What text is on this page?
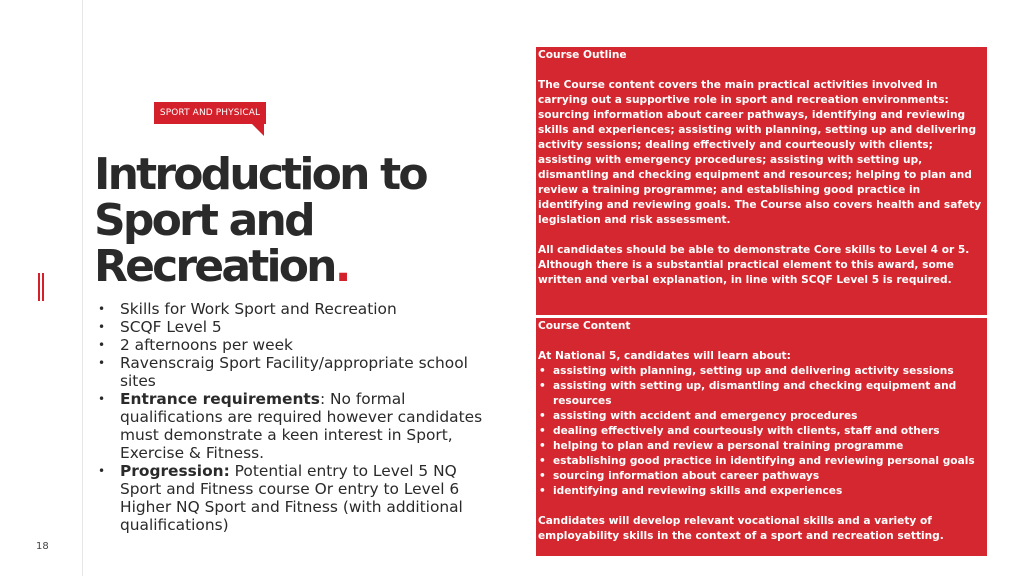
18
SPORT AND PHYSICAL
Introduction to Sport and Recreation.
• Skills for Work Sport and Recreation
• SCQF Level 5
• 2 afternoons per week
• Ravenscraig Sport Facility/appropriate school sites
• Entrance requirements: No formal qualifications are required however candidates must demonstrate a keen interest in Sport, Exercise & Fitness.
• Progression: Potential entry to Level 5 NQ Sport and Fitness course Or entry to Level 6 Higher NQ Sport and Fitness (with additional qualifications)

Course Outline

The Course content covers the main practical activities involved in carrying out a supportive role in sport and recreation environments: sourcing information about career pathways, identifying and reviewing skills and experiences; assisting with planning, setting up and delivering activity sessions; dealing effectively and courteously with clients; assisting with emergency procedures; assisting with setting up, dismantling and checking equipment and resources; helping to plan and review a training programme; and establishing good practice in identifying and reviewing goals. The Course also covers health and safety legislation and risk assessment.

All candidates should be able to demonstrate Core skills to Level 4 or 5. Although there is a substantial practical element to this award, some written and verbal explanation, in line with SCQF Level 5 is required.

Course Content

At National 5, candidates will learn about:

• assisting with planning, setting up and delivering activity sessions
• assisting with setting up, dismantling and checking equipment and resources
• assisting with accident and emergency procedures
• dealing effectively and courteously with clients, staff and others
• helping to plan and review a personal training programme
• establishing good practice in identifying and reviewing personal goals
• sourcing information about career pathways
• identifying and reviewing skills and experiences

Candidates will develop relevant vocational skills and a variety of employability skills in the context of a sport and recreation setting.
